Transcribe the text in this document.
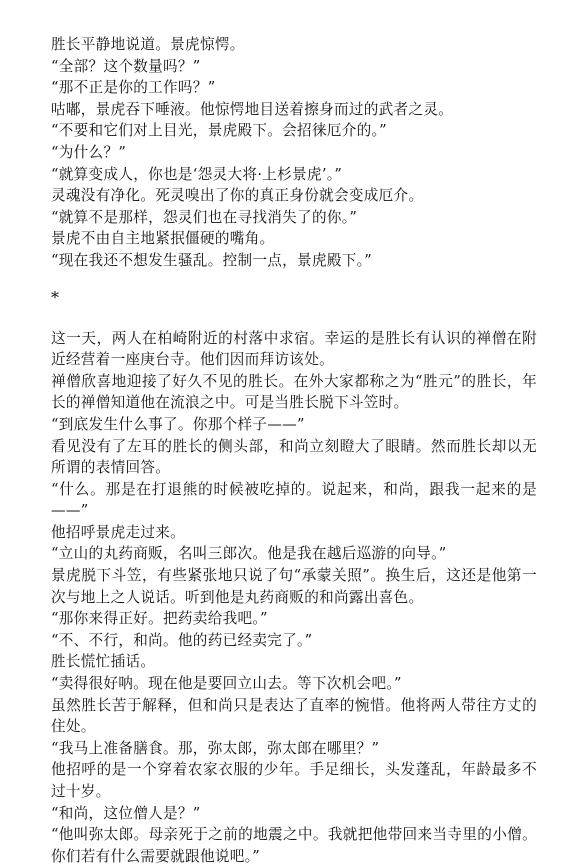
胜长平静地说道。景虎惊愕。

“全部？这个数量吗？”

“那不正是你的工作吗？”

咕嘟，景虎吞下唾液。他惊愕地目送着擦身而过的武者之灵。

“不要和它们对上目光，景虎殿下。会招徕厄介的。”

“为什么？”

“就算变成人，你也是‘怨灵大将·上杉景虎’。”

灵魂没有净化。死灵嗅出了你的真正身份就会变成厄介。

“就算不是那样，怨灵们也在寻找消失了的你。”

景虎不由自主地紧抿僵硬的嘴角。

“现在我还不想发生骚乱。控制一点，景虎殿下。”

*

这一天，两人在柏崎附近的村落中求宿。幸运的是胜长有认识的禅僧在附近经营着一座庚台寺。他们因而拜访该处。

禅僧欣喜地迎接了好久不见的胜长。在外大家都称之为“胜元”的胜长，年长的禅僧知道他在流浪之中。可是当胜长脱下斗笠时。

“到底发生什么事了。你那个样子——”

看见没有了左耳的胜长的侧头部，和尚立刻瞪大了眼睛。然而胜长却以无所谓的表情回答。

“什么。那是在打退熊的时候被吃掉的。说起来，和尚，跟我一起来的是——”

他招呼景虎走过来。

“立山的丸药商贩，名叫三郎次。他是我在越后巡游的向导。”

景虎脱下斗笠，有些紧张地只说了句“承蒙关照”。换生后，这还是他第一次与地上之人说话。听到他是丸药商贩的和尚露出喜色。

“那你来得正好。把药卖给我吧。”

“不、不行，和尚。他的药已经卖完了。”

胜长慌忙插话。

“卖得很好呐。现在他是要回立山去。等下次机会吧。”

虽然胜长苦于解释，但和尚只是表达了直率的惋惜。他将两人带往方丈的住处。

“我马上准备膳食。那，弥太郎，弥太郎在哪里？”

他招呼的是一个穿着农家衣服的少年。手足细长，头发蓬乱，年龄最多不过十岁。

“和尚，这位僧人是？”

“他叫弥太郎。母亲死于之前的地震之中。我就把他带回来当寺里的小僧。你们若有什么需要就跟他说吧。”
